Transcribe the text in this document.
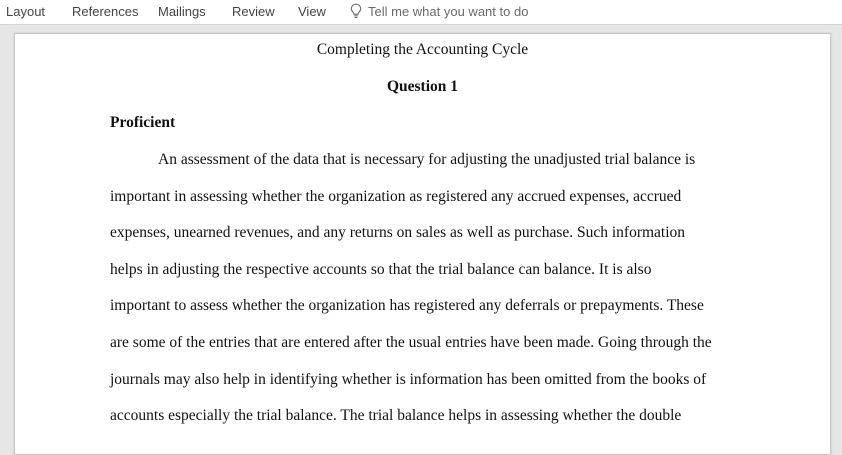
Layout References Mailings Review View	Tell me what you want to do
Completing the Accounting Cycle
Question 1
Proficient
An assessment of the data that is necessary for adjusting the unadjusted trial balance is
important in assessing whether the organization as registered any accrued expenses, accrued
expenses, unearned revenues, and any returns on sales as well as purchase. Such information
helps in adjusting the respective accounts so that the trial balance can balance. It is also
important to assess whether the organization has registered any deferrals or prepayments. These
are some of the entries that are entered after the usual entries have been made. Going through the
journals may also help in identifying whether is information has been omitted from the books of
accounts especially the trial balance. The trial balance helps in assessing whether the double
